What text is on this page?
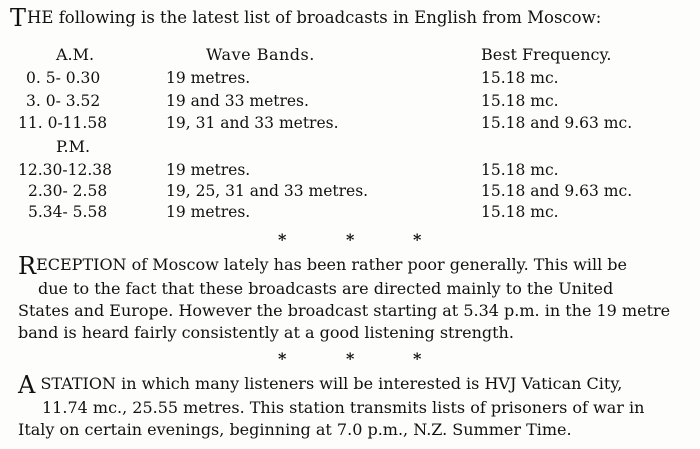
THE following is the latest list of broadcasts in English from Moscow:
A.M.	Wave Bands.	Best Frequency.
0. 5- 0.30	19 metres.	15.18 mc.
3. 0- 3.52	19 and 33 metres.	15.18 mc.
11. 0-11.58	19, 31 and 33 metres.	15.18 and 9.63 mc.
P.M.
12.30-12.38	19 metres.	15.18 mc.
2.30- 2.58	19, 25, 31 and 33 metres.	15.18 and 9.63 mc.
5.34- 5.58	19 metres.	15.18 mc.
*	*	*
RECEPTION of Moscow lately has been rather poor generally. This will be
due to the fact that these broadcasts are directed mainly to the United
States and Europe. However the broadcast starting at 5.34 p.m. in the 19 metre
band is heard fairly consistently at a good listening strength.
*	*	*
A STATION in which many listeners will be interested is HVJ Vatican City,
11.74 mc., 25.55 metres. This station transmits lists of prisoners of war in
Italy on certain evenings, beginning at 7.0 p.m., N.Z. Summer Time.
